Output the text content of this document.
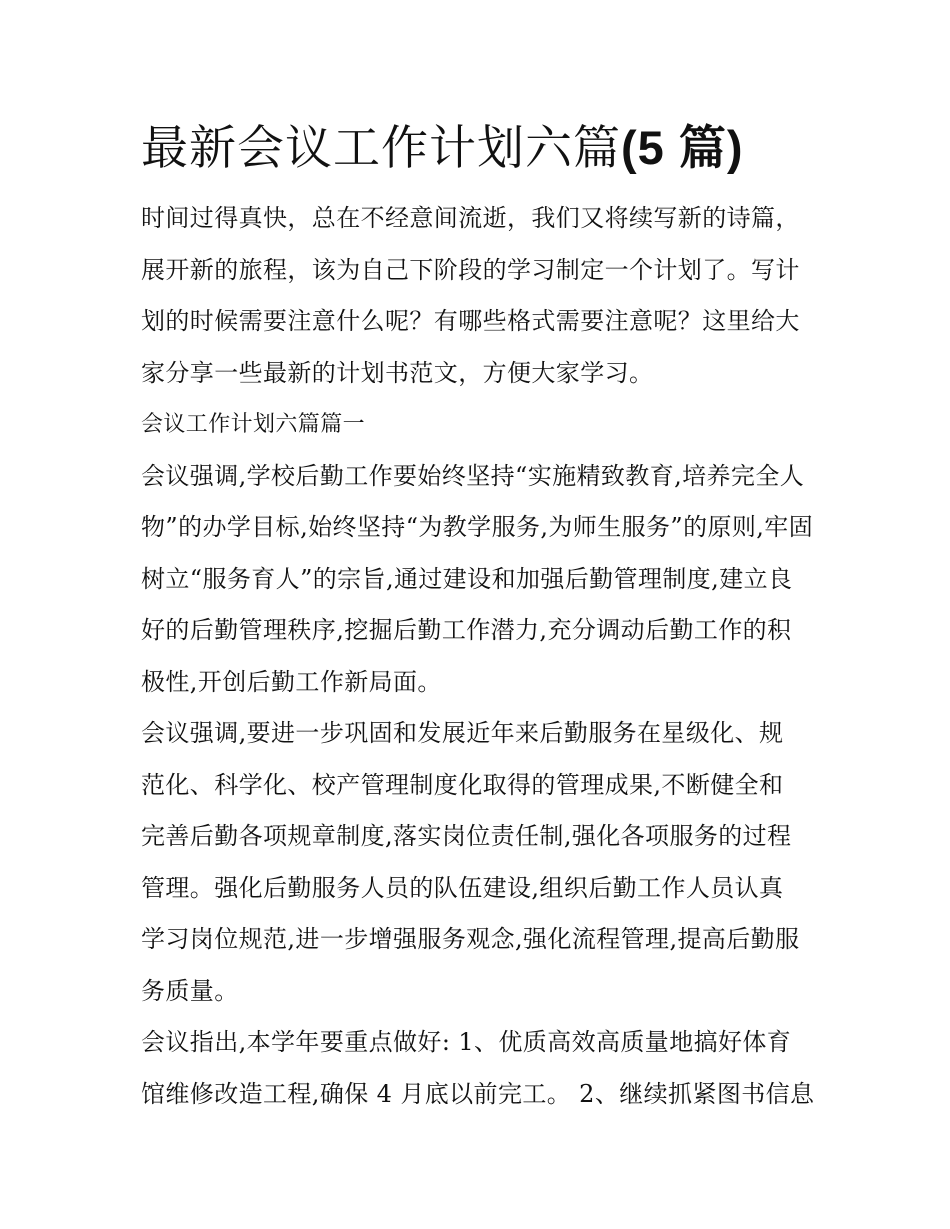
最新会议工作计划六篇(5 篇)
时间过得真快，总在不经意间流逝，我们又将续写新的诗篇，
展开新的旅程，该为自己下阶段的学习制定一个计划了。写计
划的时候需要注意什么呢？有哪些格式需要注意呢？这里给大
家分享一些最新的计划书范文，方便大家学习。
会议工作计划六篇篇一
会议强调,学校后勤工作要始终坚持“实施精致教育,培养完全人
物”的办学目标,始终坚持“为教学服务,为师生服务”的原则,牢固
树立“服务育人”的宗旨,通过建设和加强后勤管理制度,建立良
好的后勤管理秩序,挖掘后勤工作潜力,充分调动后勤工作的积
极性,开创后勤工作新局面。
会议强调,要进一步巩固和发展近年来后勤服务在星级化、规
范化、科学化、校产管理制度化取得的管理成果,不断健全和
完善后勤各项规章制度,落实岗位责任制,强化各项服务的过程
管理。强化后勤服务人员的队伍建设,组织后勤工作人员认真
学习岗位规范,进一步增强服务观念,强化流程管理,提高后勤服
务质量。
会议指出,本学年要重点做好: 1、优质高效高质量地搞好体育
馆维修改造工程,确保 4 月底以前完工。 2、继续抓紧图书信息
